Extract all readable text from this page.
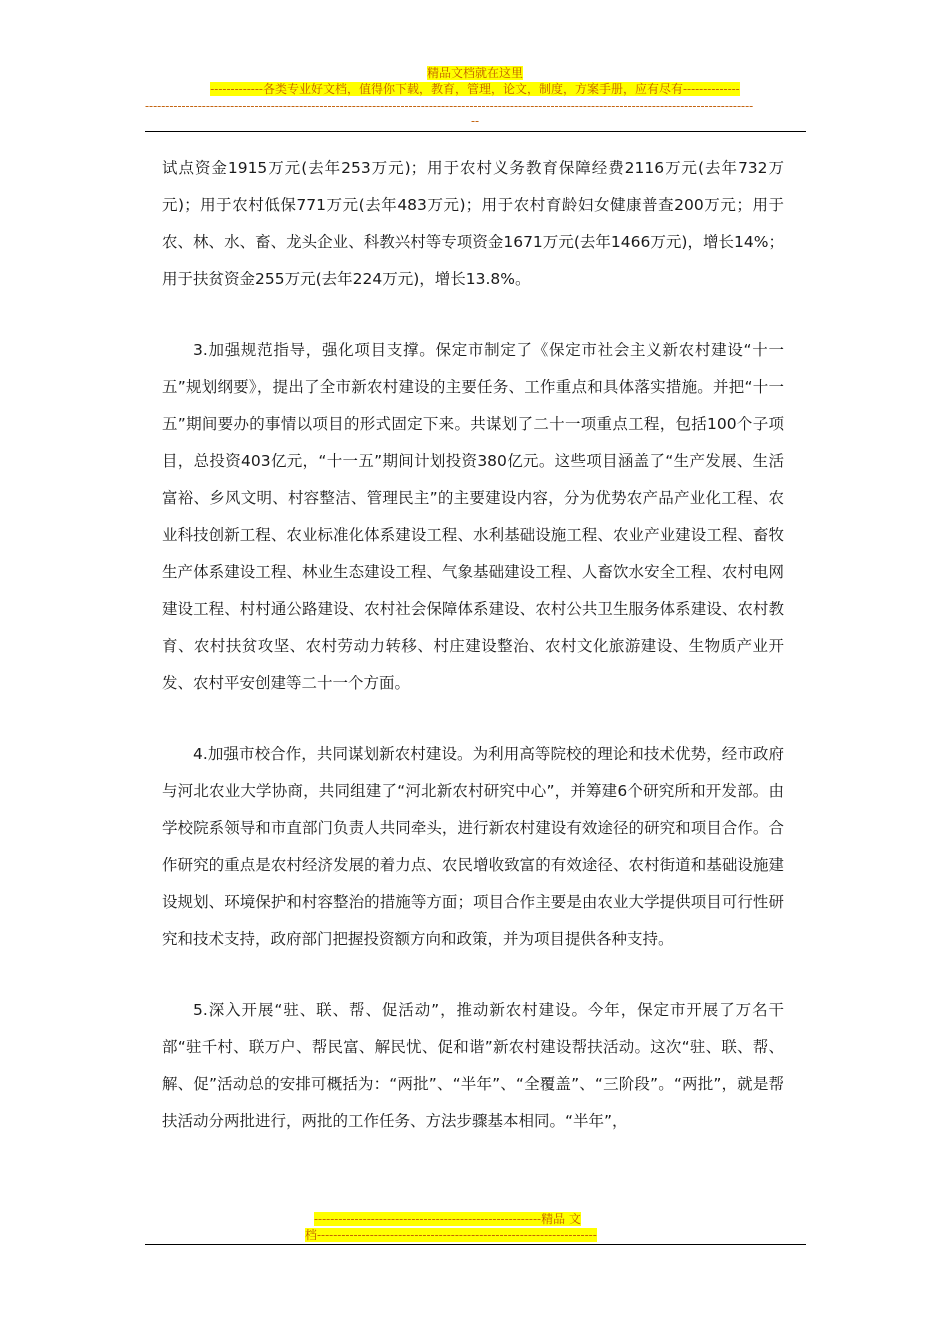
精品文档就在这里
-------------各类专业好文档，值得你下载，教育，管理，论文，制度，方案手册，应有尽有--------------
------------------------------------------------------------------------------------------------------------------------------------------------------
--

试点资金1915万元(去年253万元)；用于农村义务教育保障经费2116万元(去年732万元)；用于农村低保771万元(去年483万元)；用于农村育龄妇女健康普查200万元；用于农、林、水、畜、龙头企业、科教兴村等专项资金1671万元(去年1466万元)，增长14%；用于扶贫资金255万元(去年224万元)，增长13.8%。

3.加强规范指导，强化项目支撑。保定市制定了《保定市社会主义新农村建设“十一五”规划纲要》，提出了全市新农村建设的主要任务、工作重点和具体落实措施。并把“十一五”期间要办的事情以项目的形式固定下来。共谋划了二十一项重点工程，包括100个子项目，总投资403亿元，“十一五”期间计划投资380亿元。这些项目涵盖了“生产发展、生活富裕、乡风文明、村容整洁、管理民主”的主要建设内容，分为优势农产品产业化工程、农业科技创新工程、农业标准化体系建设工程、水利基础设施工程、农业产业建设工程、畜牧生产体系建设工程、林业生态建设工程、气象基础建设工程、人畜饮水安全工程、农村电网建设工程、村村通公路建设、农村社会保障体系建设、农村公共卫生服务体系建设、农村教育、农村扶贫攻坚、农村劳动力转移、村庄建设整治、农村文化旅游建设、生物质产业开发、农村平安创建等二十一个方面。

4.加强市校合作，共同谋划新农村建设。为利用高等院校的理论和技术优势，经市政府与河北农业大学协商，共同组建了“河北新农村研究中心”，并筹建6个研究所和开发部。由学校院系领导和市直部门负责人共同牵头，进行新农村建设有效途径的研究和项目合作。合作研究的重点是农村经济发展的着力点、农民增收致富的有效途径、农村街道和基础设施建设规划、环境保护和村容整治的措施等方面；项目合作主要是由农业大学提供项目可行性研究和技术支持，政府部门把握投资额方向和政策，并为项目提供各种支持。

5.深入开展“驻、联、帮、促活动”，推动新农村建设。今年，保定市开展了万名干部“驻千村、联万户、帮民富、解民忧、促和谐”新农村建设帮扶活动。这次“驻、联、帮、解、促”活动总的安排可概括为：“两批”、“半年”、“全覆盖”、“三阶段”。“两批”，就是帮扶活动分两批进行，两批的工作任务、方法步骤基本相同。“半年”，

--------------------------------------------------------精品 文
档---------------------------------------------------------------------
